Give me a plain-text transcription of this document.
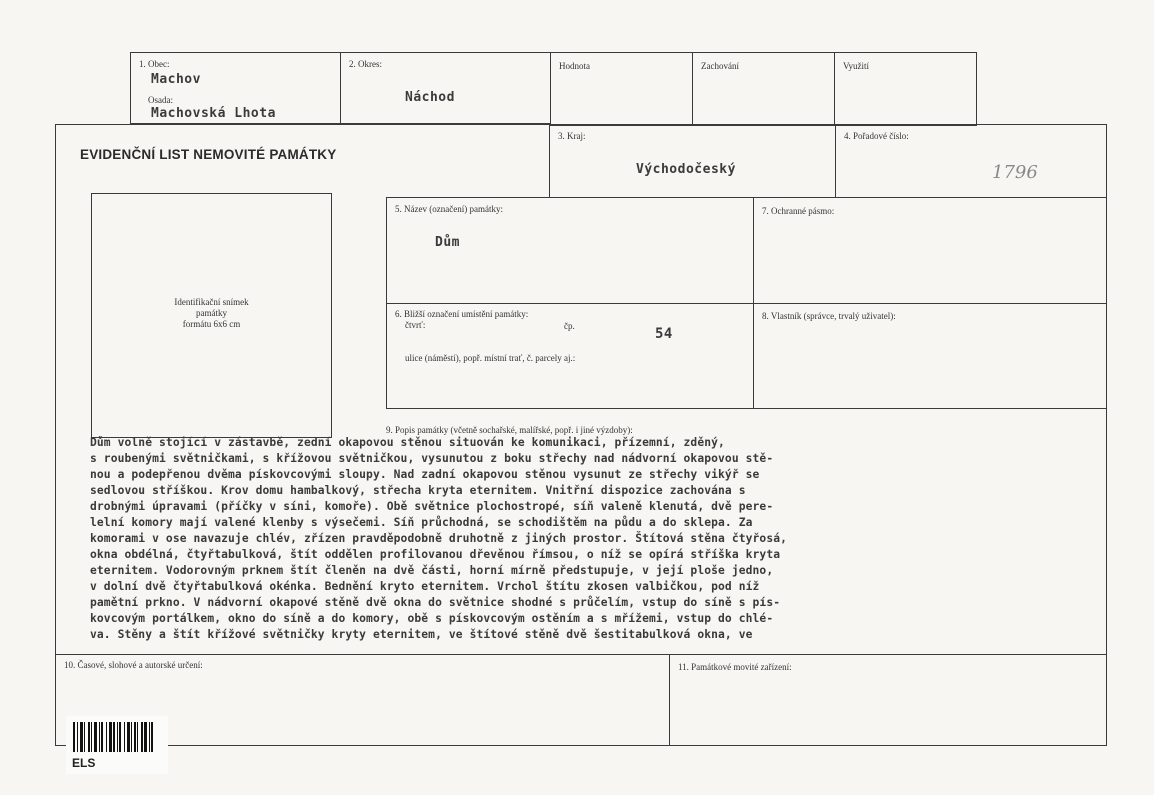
1. Obec:
Machov
Osada:
Machovská Lhota
2. Okres:
Náchod
Hodnota	Zachování	Využití
EVIDENČNÍ LIST NEMOVITÉ PAMÁTKY
3. Kraj:
Východočeský
4. Pořadové číslo:
1796
Identifikační snímek
památky
formátu 6x6 cm
5. Název (označení) památky:
Dům
7. Ochranné pásmo:
6. Bližší označení umístění památky:
čtvrť:	čp.	54
ulice (náměstí), popř. místní trať, č. parcely aj.:
8. Vlastník (správce, trvalý uživatel):
9. Popis památky (včetně sochařské, malířské, popř. i jiné výzdoby):
Dům volně stojící v zástavbě, zední okapovou stěnou situován ke komunikaci, přízemní, zděný,
s roubenými světničkami, s křížovou světničkou, vysunutou z boku střechy nad nádvorní okapovou stě-
nou a podepřenou dvěma pískovcovými sloupy. Nad zadní okapovou stěnou vysunut ze střechy vikýř se
sedlovou stříškou. Krov domu hambalkový, střecha kryta eternitem. Vnitřní dispozice zachována s
drobnými úpravami (příčky v síni, komoře). Obě světnice plochostropé, síň valeně klenutá, dvě pere-
lelní komory mají valené klenby s výsečemi. Síň průchodná, se schodištěm na půdu a do sklepa. Za
komorami v ose navazuje chlév, zřízen pravděpodobně druhotně z jiných prostor. Štítová stěna čtyřosá,
okna obdélná, čtyřtabulková, štít oddělen profilovanou dřevěnou římsou, o níž se opírá stříška kryta
eternitem. Vodorovným prknem štít členěn na dvě části, horní mírně předstupuje, v její ploše jedno,
v dolní dvě čtyřtabulková okénka. Bednění kryto eternitem. Vrchol štítu zkosen valbičkou, pod níž
pamětní prkno. V nádvorní okapové stěně dvě okna do světnice shodné s průčelím, vstup do síně s pís-
kovcovým portálkem, okno do síně a do komory, obě s pískovcovým ostěním a s mřížemi, vstup do chlé-
va. Stěny a štít křížové světničky kryty eternitem, ve štítové stěně dvě šestitabulková okna, ve
10. Časové, slohové a autorské určení:	11. Památkové movité zařízení:
ELS
